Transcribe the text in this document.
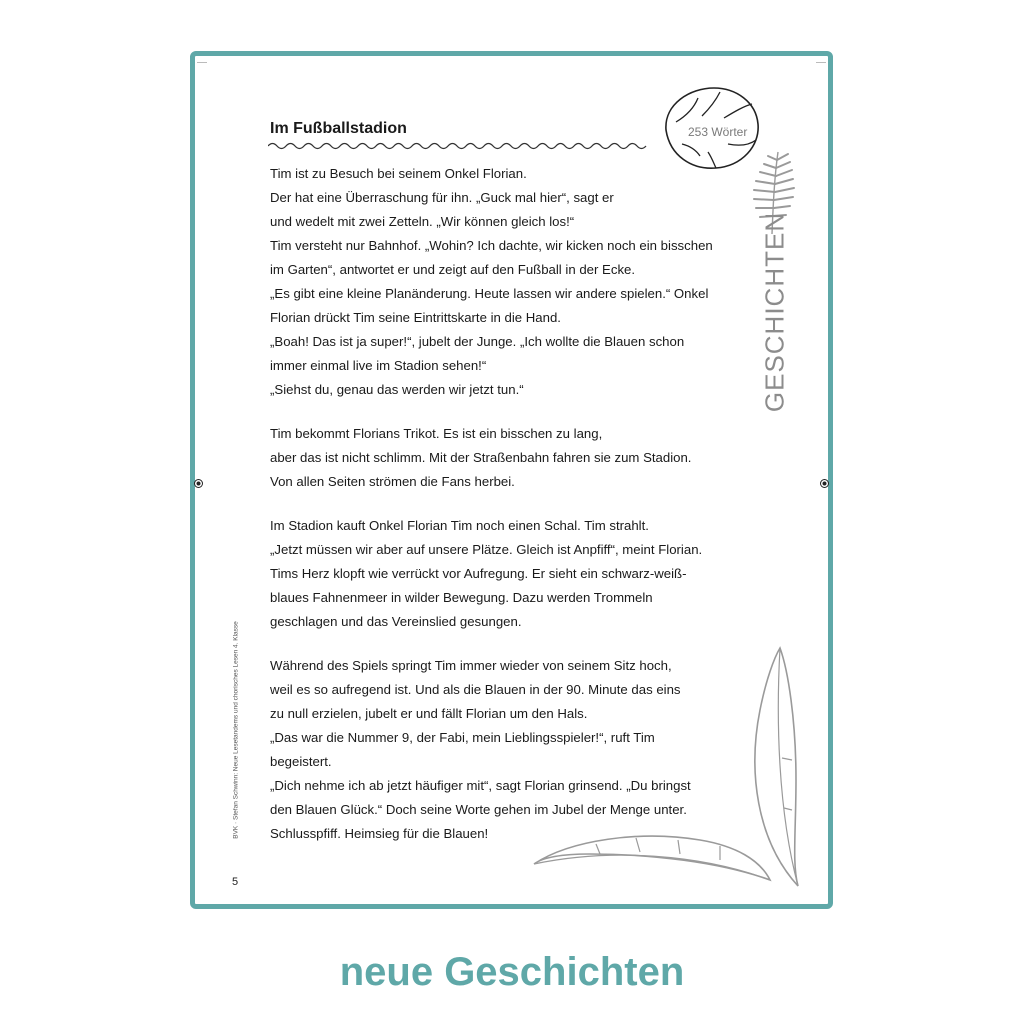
Im Fußballstadion	253 Wörter
GESCHICHTEN

Tim ist zu Besuch bei seinem Onkel Florian.
Der hat eine Überraschung für ihn. „Guck mal hier“, sagt er
und wedelt mit zwei Zetteln. „Wir können gleich los!“
Tim versteht nur Bahnhof. „Wohin? Ich dachte, wir kicken noch ein bisschen
im Garten“, antwortet er und zeigt auf den Fußball in der Ecke.
„Es gibt eine kleine Planänderung. Heute lassen wir andere spielen.“ Onkel
Florian drückt Tim seine Eintrittskarte in die Hand.
„Boah! Das ist ja super!“, jubelt der Junge. „Ich wollte die Blauen schon
immer einmal live im Stadion sehen!“
„Siehst du, genau das werden wir jetzt tun.“

Tim bekommt Florians Trikot. Es ist ein bisschen zu lang,
aber das ist nicht schlimm. Mit der Straßenbahn fahren sie zum Stadion.
Von allen Seiten strömen die Fans herbei.

Im Stadion kauft Onkel Florian Tim noch einen Schal. Tim strahlt.
„Jetzt müssen wir aber auf unsere Plätze. Gleich ist Anpfiff“, meint Florian.
Tims Herz klopft wie verrückt vor Aufregung. Er sieht ein schwarz-weiß-
blaues Fahnenmeer in wilder Bewegung. Dazu werden Trommeln
geschlagen und das Vereinslied gesungen.

Während des Spiels springt Tim immer wieder von seinem Sitz hoch,
weil es so aufregend ist. Und als die Blauen in der 90. Minute das eins
zu null erzielen, jubelt er und fällt Florian um den Hals.
„Das war die Nummer 9, der Fabi, mein Lieblingsspieler!“, ruft Tim
begeistert.
„Dich nehme ich ab jetzt häufiger mit“, sagt Florian grinsend. „Du bringst
den Blauen Glück.“ Doch seine Worte gehen im Jubel der Menge unter.
Schlusspfiff. Heimsieg für die Blauen!

BVK · Stefan Schwinn: Neue Lesetandems und chorisches Lesen 4. Klasse
5
neue Geschichten
